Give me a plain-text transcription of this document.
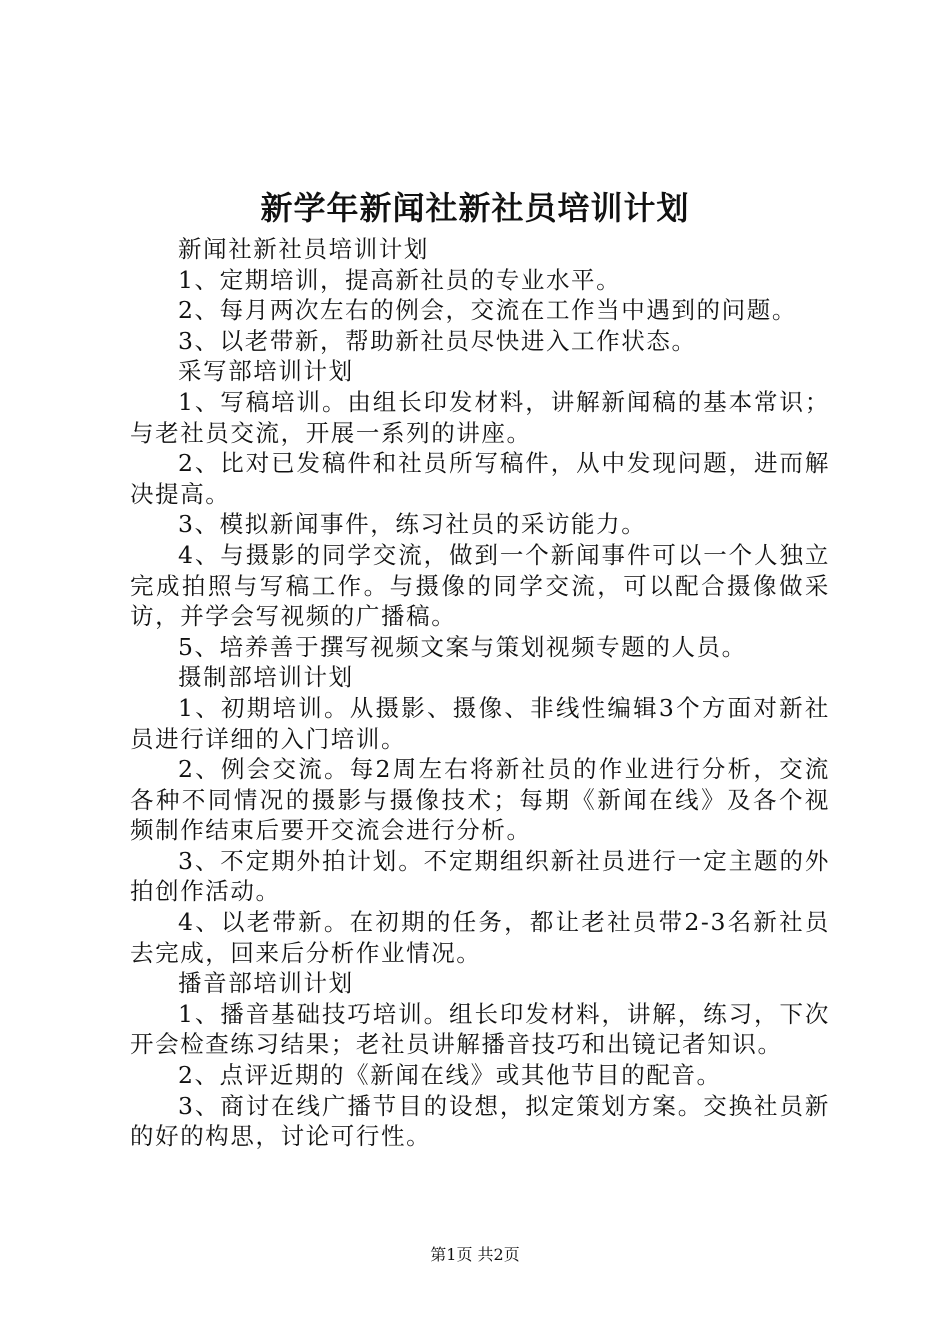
新学年新闻社新社员培训计划

新闻社新社员培训计划

1、定期培训，提高新社员的专业水平。

2、每月两次左右的例会，交流在工作当中遇到的问题。

3、以老带新，帮助新社员尽快进入工作状态。

采写部培训计划

1、写稿培训。由组长印发材料，讲解新闻稿的基本常识；与老社员交流，开展一系列的讲座。

2、比对已发稿件和社员所写稿件，从中发现问题，进而解决提高。

3、模拟新闻事件，练习社员的采访能力。

4、与摄影的同学交流，做到一个新闻事件可以一个人独立完成拍照与写稿工作。与摄像的同学交流，可以配合摄像做采访，并学会写视频的广播稿。

5、培养善于撰写视频文案与策划视频专题的人员。

摄制部培训计划

1、初期培训。从摄影、摄像、非线性编辑3个方面对新社员进行详细的入门培训。

2、例会交流。每2周左右将新社员的作业进行分析，交流各种不同情况的摄影与摄像技术；每期《新闻在线》及各个视频制作结束后要开交流会进行分析。

3、不定期外拍计划。不定期组织新社员进行一定主题的外拍创作活动。

4、以老带新。在初期的任务，都让老社员带2-3名新社员去完成，回来后分析作业情况。

播音部培训计划

1、播音基础技巧培训。组长印发材料，讲解，练习，下次开会检查练习结果；老社员讲解播音技巧和出镜记者知识。

2、点评近期的《新闻在线》或其他节目的配音。

3、商讨在线广播节目的设想，拟定策划方案。交换社员新的好的构思，讨论可行性。

第1页 共2页
